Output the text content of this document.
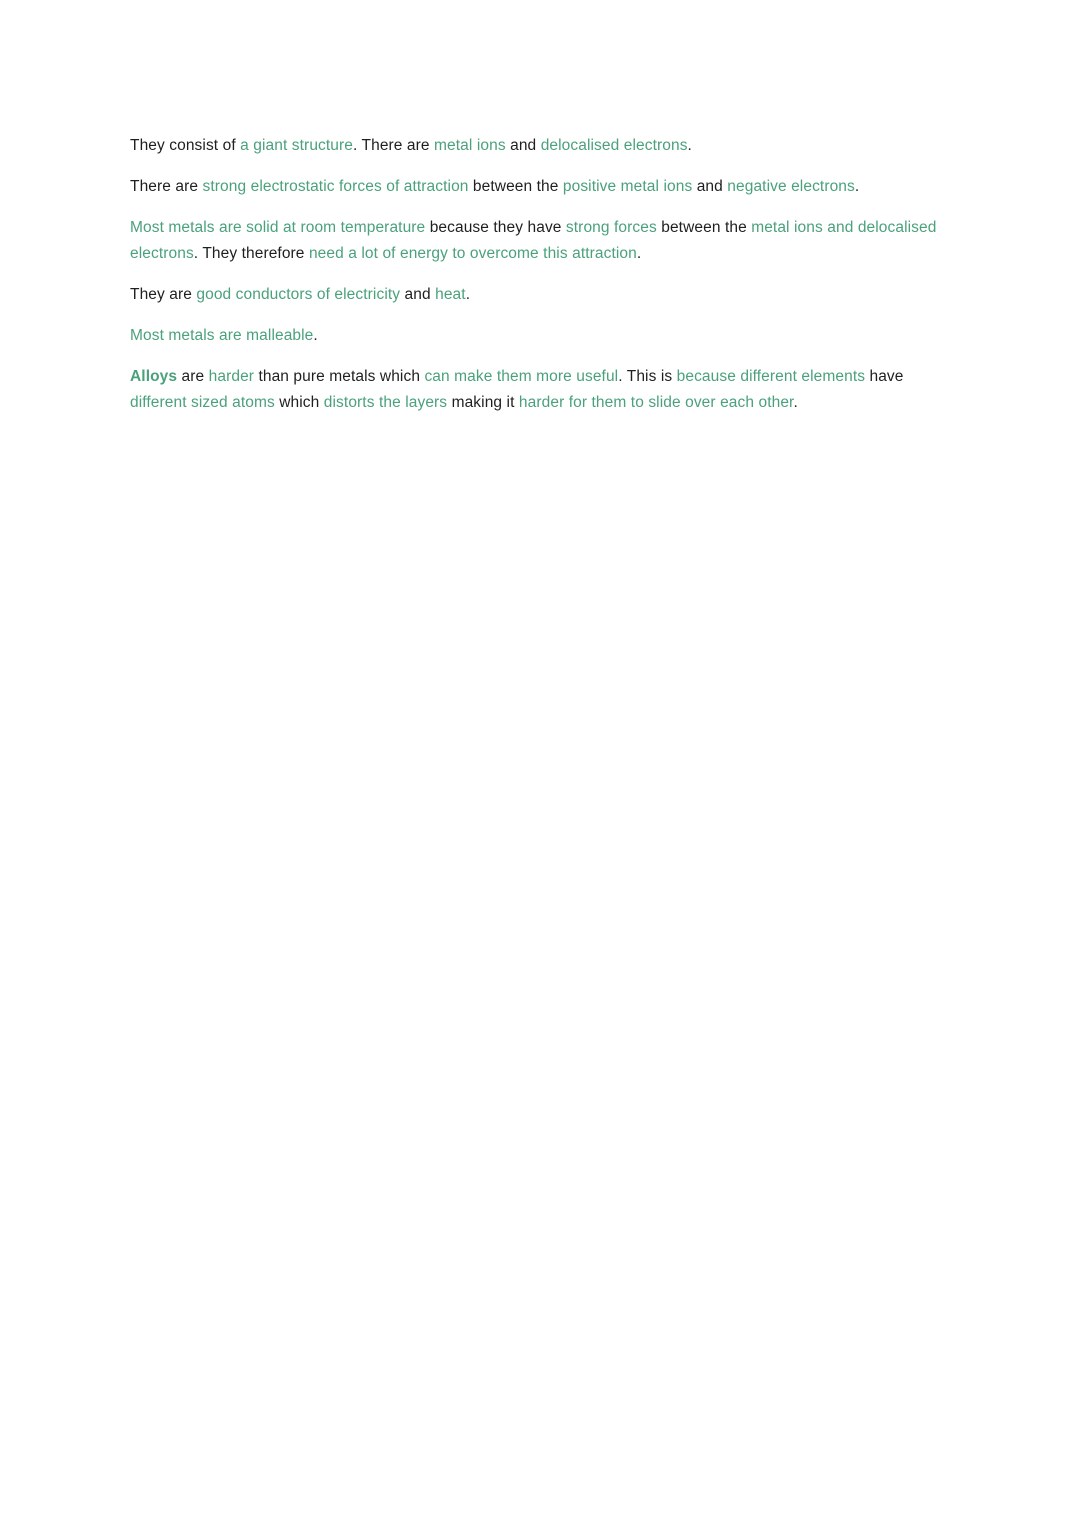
They consist of a giant structure. There are metal ions and delocalised electrons.

There are strong electrostatic forces of attraction between the positive metal ions and negative electrons.

Most metals are solid at room temperature because they have strong forces between the metal ions and delocalised electrons. They therefore need a lot of energy to overcome this attraction.

They are good conductors of electricity and heat.

Most metals are malleable.

Alloys are harder than pure metals which can make them more useful. This is because different elements have different sized atoms which distorts the layers making it harder for them to slide over each other.
